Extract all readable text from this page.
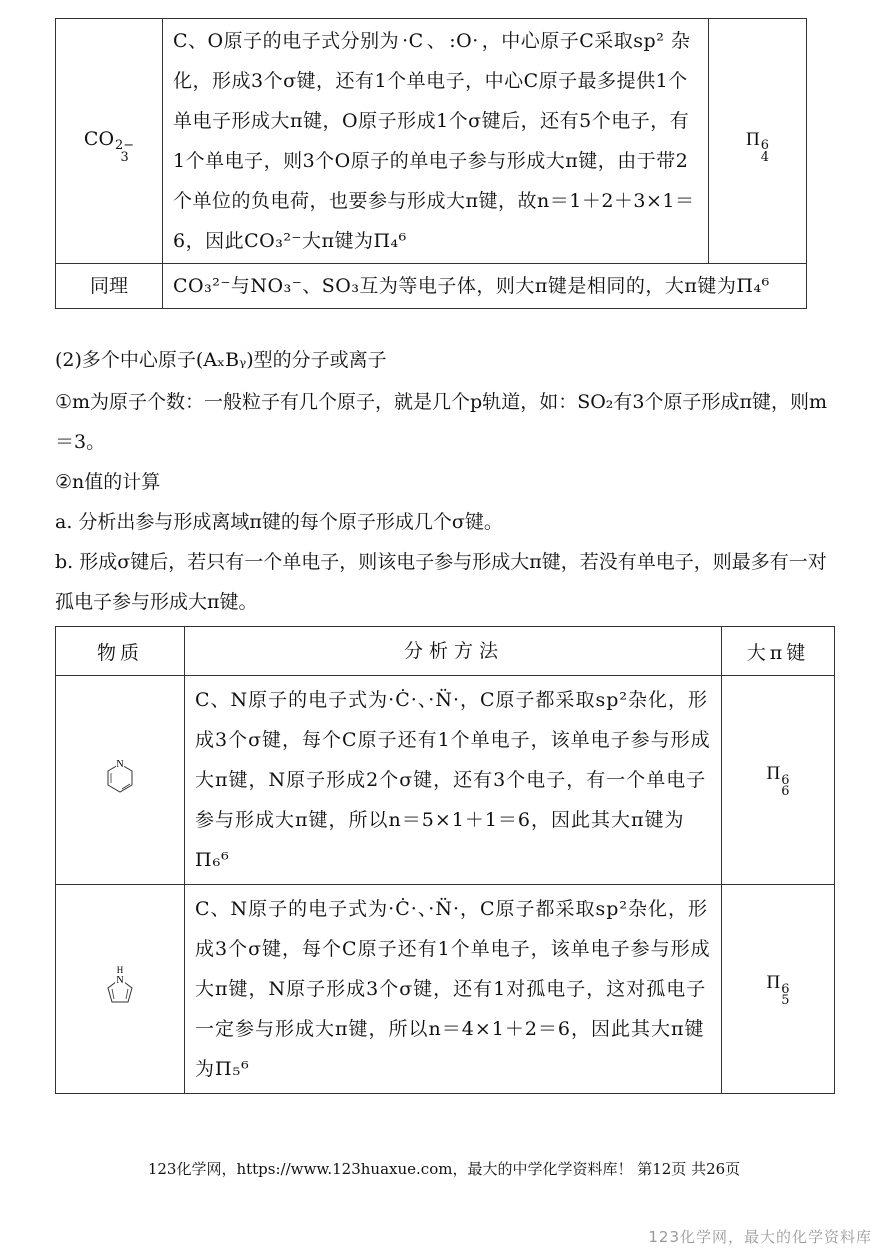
CO 2−
3	C、O原子的电子式分别为 ·C 、 :O· ，中心原子C采取sp² 杂化，形成3个σ键，还有1个单电子，中心C原子最多提供1个单电子形成大π键，O原子形成1个σ键后，还有5个电子，有1个单电子，则3个O原子的单电子参与形成大π键，由于带2个单位的负电荷，也要参与形成大π键，故n＝1＋2＋3×1＝6，因此CO₃²⁻大π键为Π₄⁶	Π 6
4

同理	CO₃²⁻与NO₃⁻、SO₃互为等电子体，则大π键是相同的，大π键为Π₄⁶	
(2)多个中心原子(AₓBᵧ)型的分子或离子
①m为原子个数：一般粒子有几个原子，就是几个p轨道，如：SO₂有3个原子形成π键，则m＝3。
②n值的计算
a. 分析出参与形成离域π键的每个原子形成几个σ键。
b. 形成σ键后，若只有一个单电子，则该电子参与形成大π键，若没有单电子，则最多有一对孤电子参与形成大π键。
物质	分析方法	大π键

N	C、N原子的电子式为·Ċ·、·N̈·，C原子都采取sp²杂化，形成3个σ键，每个C原子还有1个单电子，该单电子参与形成大π键，N原子形成2个σ键，还有3个电子，有一个单电子参与形成大π键，所以n＝5×1＋1＝6，因此其大π键为Π₆⁶	Π 6
6

H
N	C、N原子的电子式为·Ċ·、·N̈·，C原子都采取sp²杂化，形成3个σ键，每个C原子还有1个单电子，该单电子参与形成大π键，N原子形成3个σ键，还有1对孤电子，这对孤电子一定参与形成大π键，所以n＝4×1＋2＝6，因此其大π键为Π₅⁶	Π 6
5
123化学网，https://www.123huaxue.com，最大的中学化学资料库！ 第12页 共26页
123化学网，最大的化学资料库
